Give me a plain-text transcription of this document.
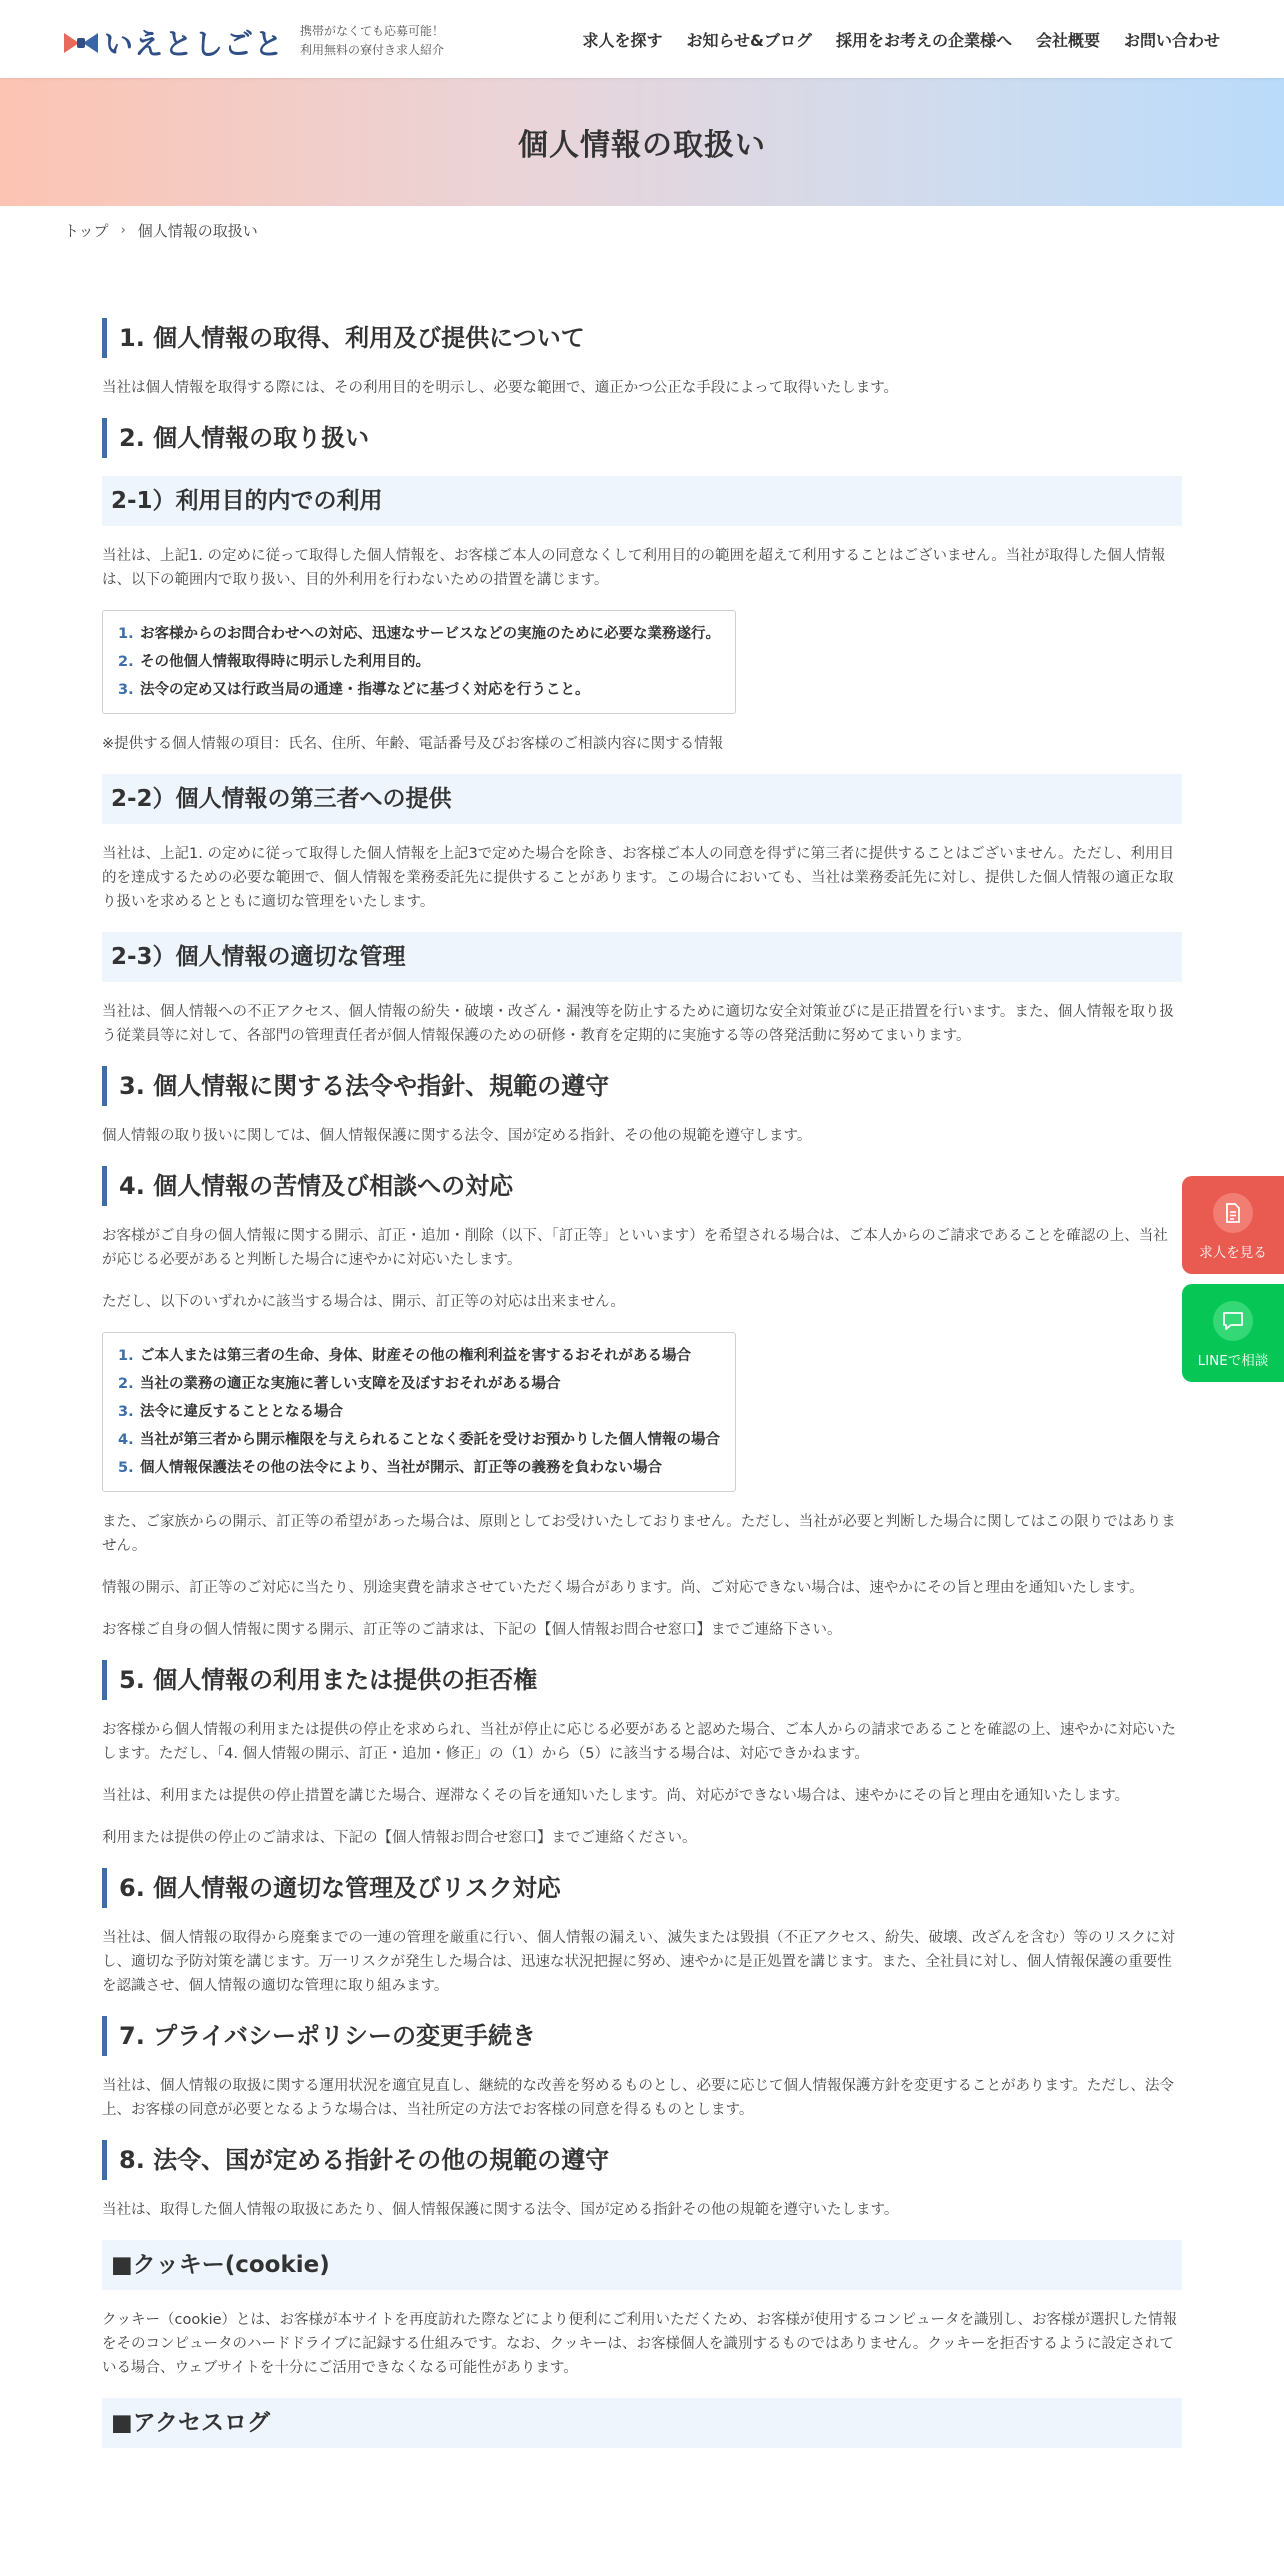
いえとしごと 携帯がなくても応募可能！
利用無料の寮付き求人紹介	求人を探す お知らせ&ブログ 採用をお考えの企業様へ 会社概要 お問い合わせ
個人情報の取扱い
トップ › 個人情報の取扱い
1. 個人情報の取得、利用及び提供について

当社は個人情報を取得する際には、その利用目的を明示し、必要な範囲で、適正かつ公正な手段によって取得いたします。

2. 個人情報の取り扱い
2-1）利用目的内での利用

当社は、上記1. の定めに従って取得した個人情報を、お客様ご本人の同意なくして利用目的の範囲を超えて利用することはございません。当社が取得した個人情報は、以下の範囲内で取り扱い、目的外利用を行わないための措置を講じます。

1. お客様からのお問合わせへの対応、迅速なサービスなどの実施のために必要な業務遂行。
2. その他個人情報取得時に明示した利用目的。
3. 法令の定め又は行政当局の通達・指導などに基づく対応を行うこと。

※提供する個人情報の項目：氏名、住所、年齢、電話番号及びお客様のご相談内容に関する情報

2-2）個人情報の第三者への提供

当社は、上記1. の定めに従って取得した個人情報を上記3で定めた場合を除き、お客様ご本人の同意を得ずに第三者に提供することはございません。ただし、利用目的を達成するための必要な範囲で、個人情報を業務委託先に提供することがあります。この場合においても、当社は業務委託先に対し、提供した個人情報の適正な取り扱いを求めるとともに適切な管理をいたします。

2-3）個人情報の適切な管理

当社は、個人情報への不正アクセス、個人情報の紛失・破壊・改ざん・漏洩等を防止するために適切な安全対策並びに是正措置を行います。また、個人情報を取り扱う従業員等に対して、各部門の管理責任者が個人情報保護のための研修・教育を定期的に実施する等の啓発活動に努めてまいります。

3. 個人情報に関する法令や指針、規範の遵守

個人情報の取り扱いに関しては、個人情報保護に関する法令、国が定める指針、その他の規範を遵守します。

4. 個人情報の苦情及び相談への対応

お客様がご自身の個人情報に関する開示、訂正・追加・削除（以下、「訂正等」といいます）を希望される場合は、ご本人からのご請求であることを確認の上、当社が応じる必要があると判断した場合に速やかに対応いたします。

ただし、以下のいずれかに該当する場合は、開示、訂正等の対応は出来ません。

1. ご本人または第三者の生命、身体、財産その他の権利利益を害するおそれがある場合
2. 当社の業務の適正な実施に著しい支障を及ぼすおそれがある場合
3. 法令に違反することとなる場合
4. 当社が第三者から開示権限を与えられることなく委託を受けお預かりした個人情報の場合
5. 個人情報保護法その他の法令により、当社が開示、訂正等の義務を負わない場合

また、ご家族からの開示、訂正等の希望があった場合は、原則としてお受けいたしておりません。ただし、当社が必要と判断した場合に関してはこの限りではありません。

情報の開示、訂正等のご対応に当たり、別途実費を請求させていただく場合があります。尚、ご対応できない場合は、速やかにその旨と理由を通知いたします。

お客様ご自身の個人情報に関する開示、訂正等のご請求は、下記の【個人情報お問合せ窓口】までご連絡下さい。

5. 個人情報の利用または提供の拒否権

お客様から個人情報の利用または提供の停止を求められ、当社が停止に応じる必要があると認めた場合、ご本人からの請求であることを確認の上、速やかに対応いたします。ただし、「4. 個人情報の開示、訂正・追加・修正」の（1）から（5）に該当する場合は、対応できかねます。

当社は、利用または提供の停止措置を講じた場合、遅滞なくその旨を通知いたします。尚、対応ができない場合は、速やかにその旨と理由を通知いたします。

利用または提供の停止のご請求は、下記の【個人情報お問合せ窓口】までご連絡ください。

6. 個人情報の適切な管理及びリスク対応

当社は、個人情報の取得から廃棄までの一連の管理を厳重に行い、個人情報の漏えい、滅失または毀損（不正アクセス、紛失、破壊、改ざんを含む）等のリスクに対し、適切な予防対策を講じます。万一リスクが発生した場合は、迅速な状況把握に努め、速やかに是正処置を講じます。また、全社員に対し、個人情報保護の重要性を認識させ、個人情報の適切な管理に取り組みます。

7. プライバシーポリシーの変更手続き

当社は、個人情報の取扱に関する運用状況を適宜見直し、継続的な改善を努めるものとし、必要に応じて個人情報保護方針を変更することがあります。ただし、法令上、お客様の同意が必要となるような場合は、当社所定の方法でお客様の同意を得るものとします。

8. 法令、国が定める指針その他の規範の遵守

当社は、取得した個人情報の取扱にあたり、個人情報保護に関する法令、国が定める指針その他の規範を遵守いたします。

■クッキー(cookie)

クッキー（cookie）とは、お客様が本サイトを再度訪れた際などにより便利にご利用いただくため、お客様が使用するコンピュータを識別し、お客様が選択した情報をそのコンピュータのハードドライブに記録する仕組みです。なお、クッキーは、お客様個人を識別するものではありません。クッキーを拒否するように設定されている場合、ウェブサイトを十分にご活用できなくなる可能性があります。

■アクセスログ
求人を見る
LINEで相談
